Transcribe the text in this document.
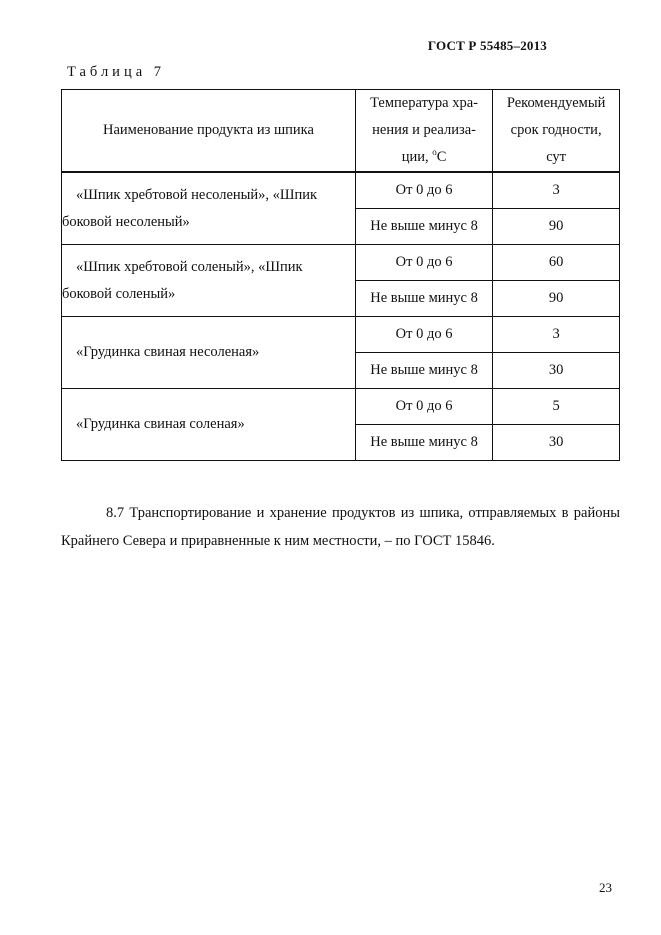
ГОСТ Р 55485–2013
Таблица 7
Наименование продукта из шпика	Температура хра-нения и реализа-ции, $^o$С	Рекомендуемый срок годности, сут

«Шпик хребтовой несоленый», «Шпик боковой несоленый»	От 0 до 6	3
	Не выше минус 8	90
«Шпик хребтовой соленый», «Шпик боковой соленый»	От 0 до 6	60
	Не выше минус 8	90
«Грудинка свиная несоленая»	От 0 до 6	3
	Не выше минус 8	30
«Грудинка свиная соленая»	От 0 до 6	5
	Не выше минус 8	30

8.7 Транспортирование и хранение продуктов из шпика, отправляемых в районы Крайнего Севера и приравненные к ним местности, – по ГОСТ 15846.

23
